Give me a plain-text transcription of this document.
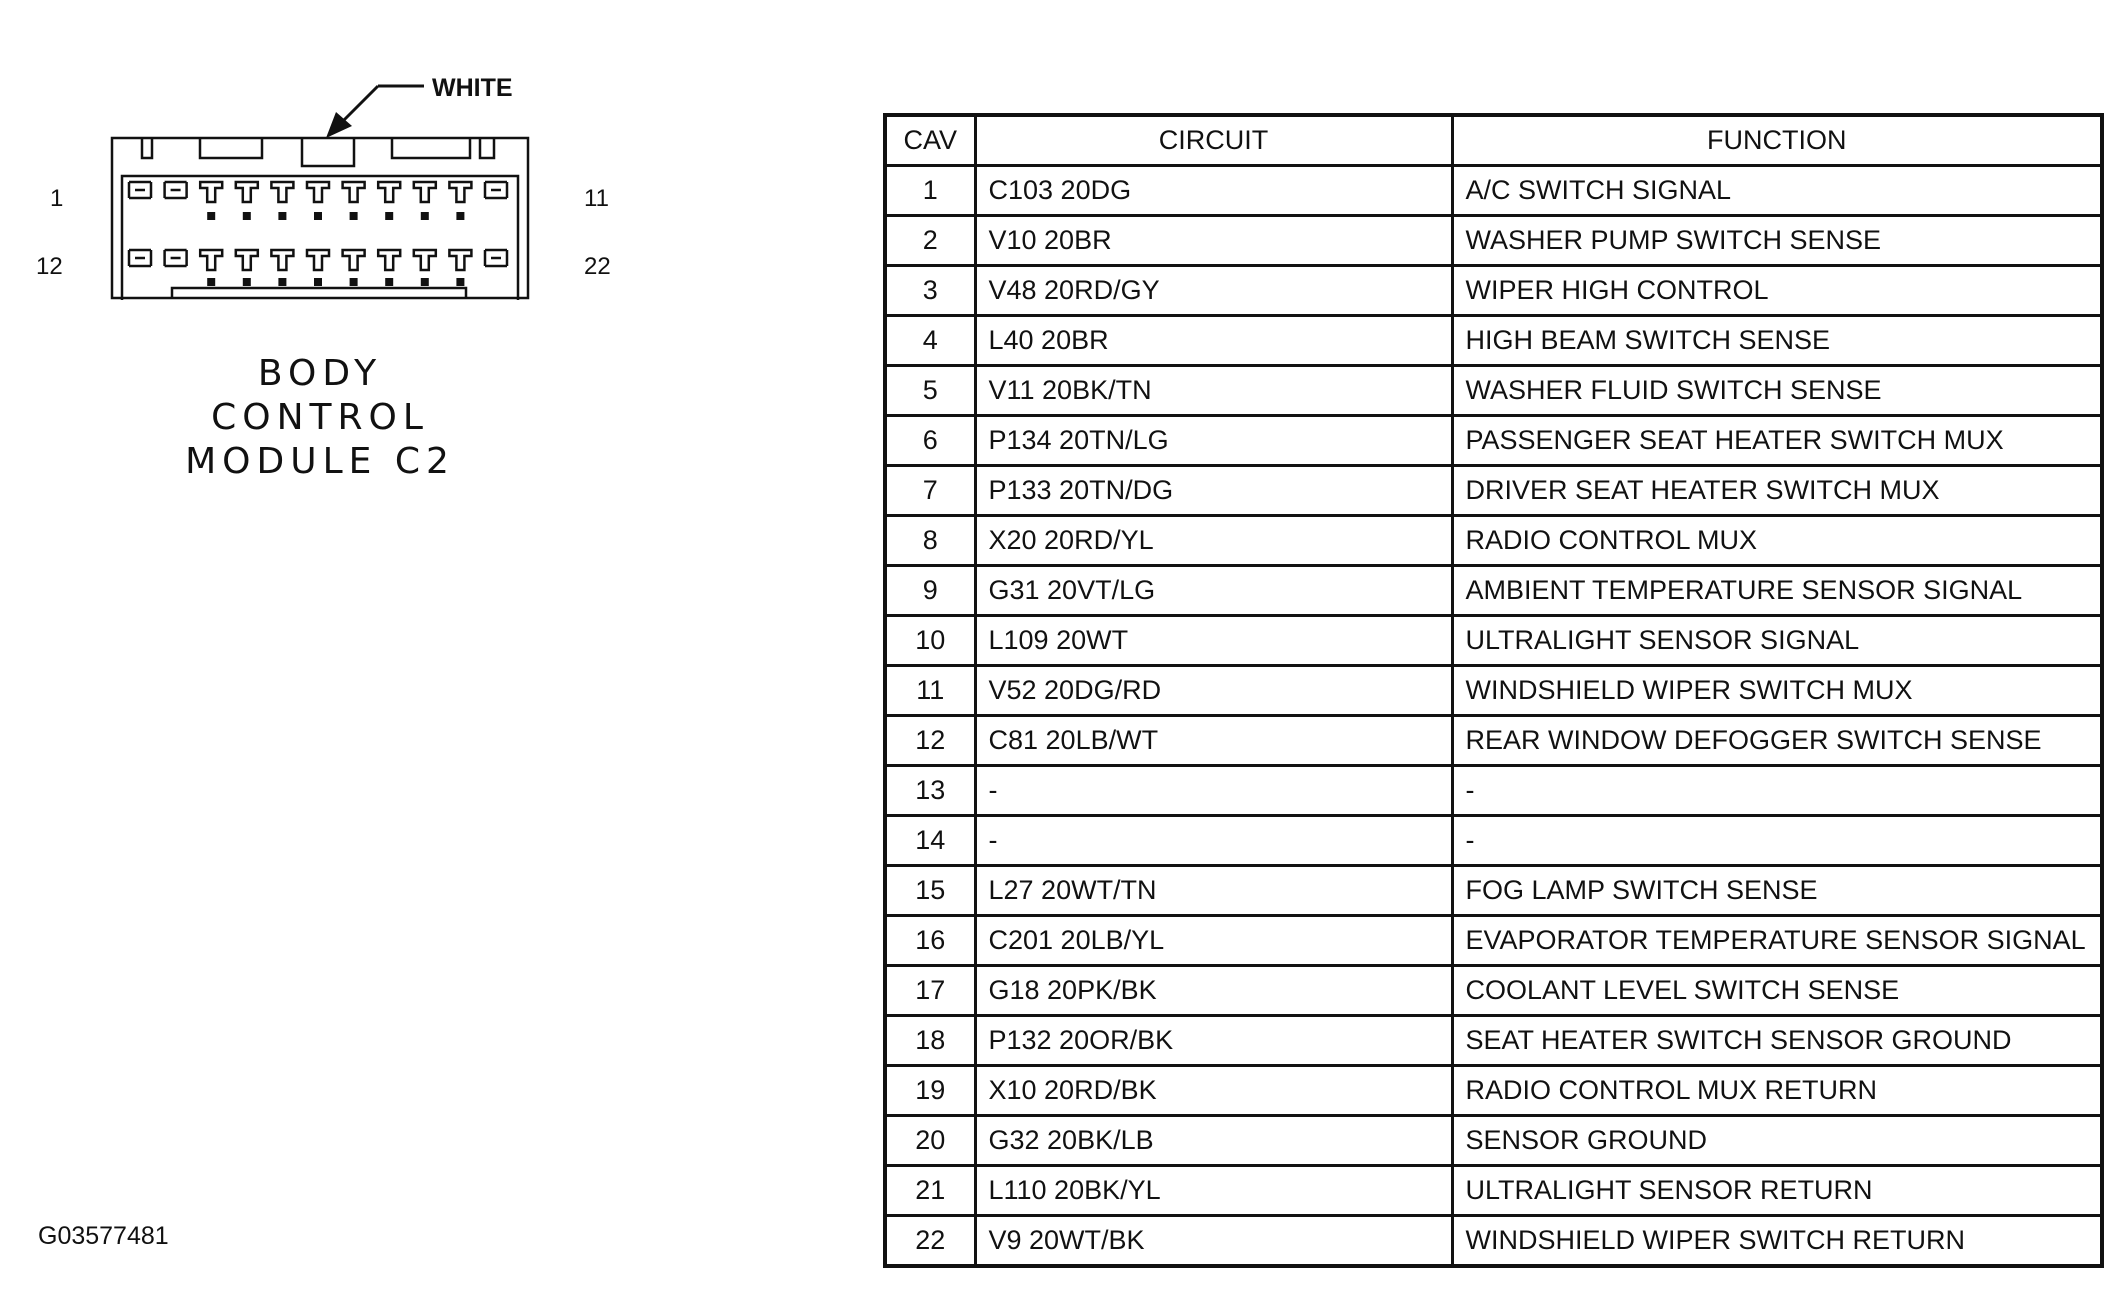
WHITE
1	11
12	22
BODY
CONTROL
MODULE C2
G03577481
CAV	CIRCUIT	FUNCTION
1	C103 20DG	A/C SWITCH SIGNAL
2	V10 20BR	WASHER PUMP SWITCH SENSE
3	V48 20RD/GY	WIPER HIGH CONTROL
4	L40 20BR	HIGH BEAM SWITCH SENSE
5	V11 20BK/TN	WASHER FLUID SWITCH SENSE
6	P134 20TN/LG	PASSENGER SEAT HEATER SWITCH MUX
7	P133 20TN/DG	DRIVER SEAT HEATER SWITCH MUX
8	X20 20RD/YL	RADIO CONTROL MUX
9	G31 20VT/LG	AMBIENT TEMPERATURE SENSOR SIGNAL
10	L109 20WT	ULTRALIGHT SENSOR SIGNAL
11	V52 20DG/RD	WINDSHIELD WIPER SWITCH MUX
12	C81 20LB/WT	REAR WINDOW DEFOGGER SWITCH SENSE
13	-	-
14	-	-
15	L27 20WT/TN	FOG LAMP SWITCH SENSE
16	C201 20LB/YL	EVAPORATOR TEMPERATURE SENSOR SIGNAL
17	G18 20PK/BK	COOLANT LEVEL SWITCH SENSE
18	P132 20OR/BK	SEAT HEATER SWITCH SENSOR GROUND
19	X10 20RD/BK	RADIO CONTROL MUX RETURN
20	G32 20BK/LB	SENSOR GROUND
21	L110 20BK/YL	ULTRALIGHT SENSOR RETURN
22	V9 20WT/BK	WINDSHIELD WIPER SWITCH RETURN
